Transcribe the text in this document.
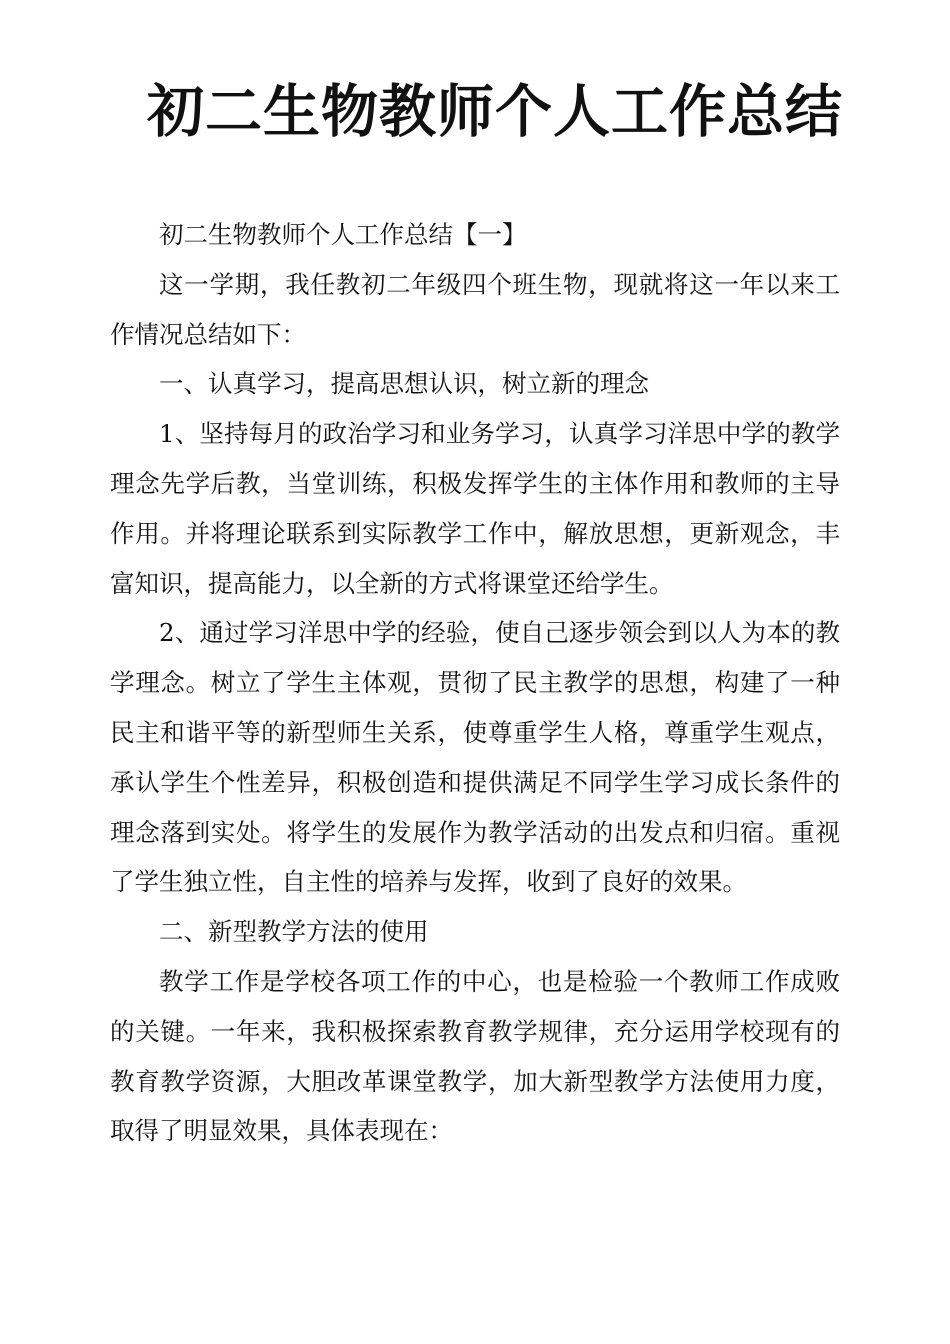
初二生物教师个人工作总结

初二生物教师个人工作总结【一】

这一学期，我任教初二年级四个班生物，现就将这一年以来工作情况总结如下：

一、认真学习，提高思想认识，树立新的理念

1、坚持每月的政治学习和业务学习，认真学习洋思中学的教学理念先学后教，当堂训练，积极发挥学生的主体作用和教师的主导作用。并将理论联系到实际教学工作中，解放思想，更新观念，丰富知识，提高能力，以全新的方式将课堂还给学生。

2、通过学习洋思中学的经验，使自己逐步领会到以人为本的教学理念。树立了学生主体观，贯彻了民主教学的思想，构建了一种民主和谐平等的新型师生关系，使尊重学生人格，尊重学生观点，承认学生个性差异，积极创造和提供满足不同学生学习成长条件的理念落到实处。将学生的发展作为教学活动的出发点和归宿。重视了学生独立性，自主性的培养与发挥，收到了良好的效果。

二、新型教学方法的使用

教学工作是学校各项工作的中心，也是检验一个教师工作成败的关键。一年来，我积极探索教育教学规律，充分运用学校现有的教育教学资源，大胆改革课堂教学，加大新型教学方法使用力度，取得了明显效果，具体表现在：
